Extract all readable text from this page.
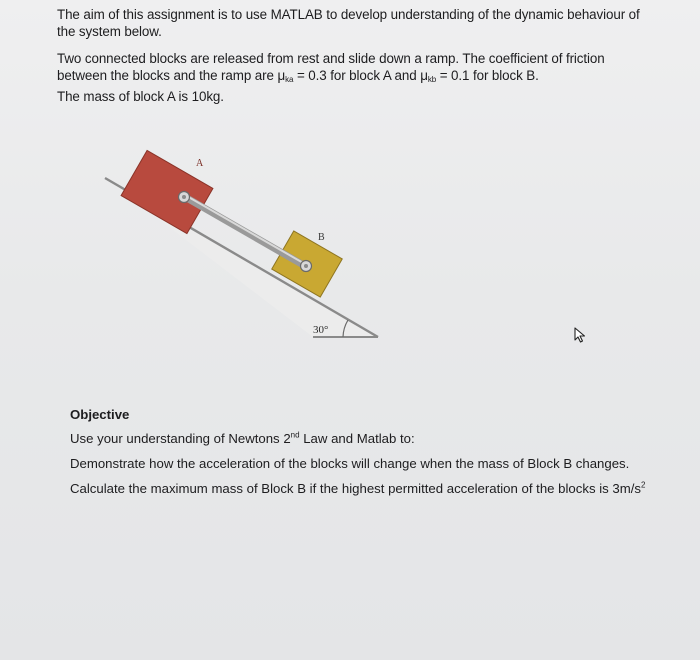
The aim of this assignment is to use MATLAB to develop understanding of the dynamic behaviour of the system below.

Two connected blocks are released from rest and slide down a ramp. The coefficient of friction between the blocks and the ramp are $\mu_{ka} = 0.3$ for block A and $\mu_{kb} = 0.1$ for block B.
The mass of block A is 10kg.

30°
A
B

Objective

Use your understanding of Newtons 2nd Law and Matlab to:

Demonstrate how the acceleration of the blocks will change when the mass of Block B changes.

Calculate the maximum mass of Block B if the highest permitted acceleration of the blocks is $3m/s^2$
